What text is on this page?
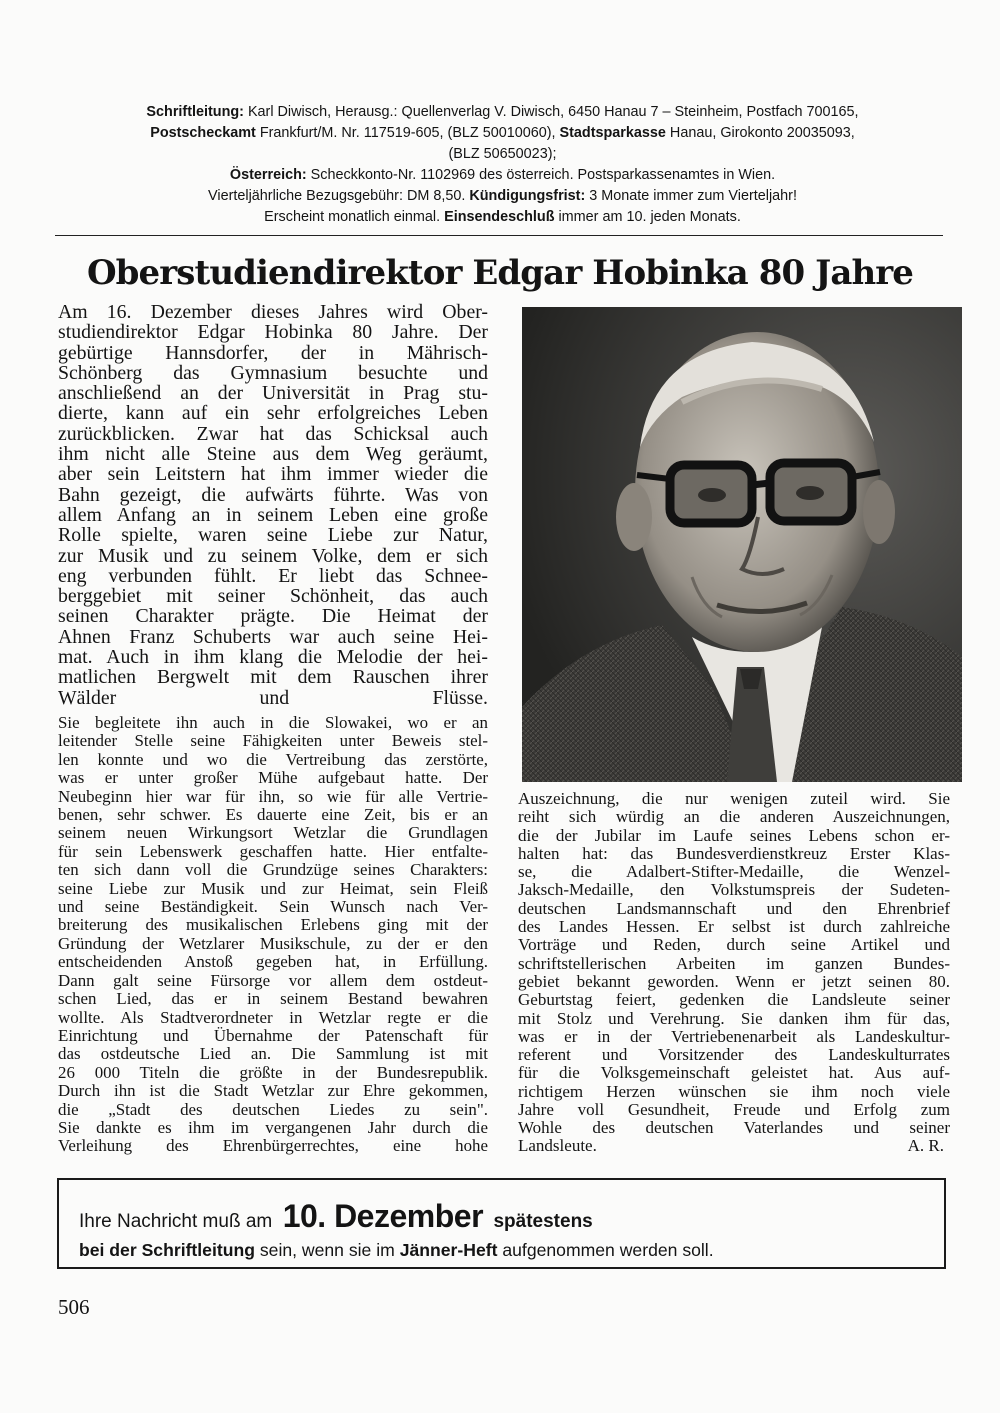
Schriftleitung: Karl Diwisch, Herausg.: Quellenverlag V. Diwisch, 6450 Hanau 7 – Steinheim, Postfach 700165,
Postscheckamt Frankfurt/M. Nr. 117519-605, (BLZ 50010060), Stadtsparkasse Hanau, Girokonto 20035093,
(BLZ 50650023);
Österreich: Scheckkonto-Nr. 1102969 des österreich. Postsparkassenamtes in Wien.
Vierteljährliche Bezugsgebühr: DM 8,50. Kündigungsfrist: 3 Monate immer zum Vierteljahr!
Erscheint monatlich einmal. Einsendeschluß immer am 10. jeden Monats.
Oberstudiendirektor Edgar Hobinka 80 Jahre
Am 16. Dezember dieses Jahres wird Ober-
studiendirektor Edgar Hobinka 80 Jahre. Der
gebürtige Hannsdorfer, der in Mährisch-
Schönberg das Gymnasium besuchte und
anschließend an der Universität in Prag stu-
dierte, kann auf ein sehr erfolgreiches Leben
zurückblicken. Zwar hat das Schicksal auch
ihm nicht alle Steine aus dem Weg geräumt,
aber sein Leitstern hat ihm immer wieder die
Bahn gezeigt, die aufwärts führte. Was von
allem Anfang an in seinem Leben eine große
Rolle spielte, waren seine Liebe zur Natur,
zur Musik und zu seinem Volke, dem er sich
eng verbunden fühlt. Er liebt das Schnee-
berggebiet mit seiner Schönheit, das auch
seinen Charakter prägte. Die Heimat der
Ahnen Franz Schuberts war auch seine Hei-
mat. Auch in ihm klang die Melodie der hei-
matlichen Bergwelt mit dem Rauschen ihrer
Wälder und Flüsse.
Sie begleitete ihn auch in die Slowakei, wo er an
leitender Stelle seine Fähigkeiten unter Beweis stel-
len konnte und wo die Vertreibung das zerstörte,
was er unter großer Mühe aufgebaut hatte. Der
Neubeginn hier war für ihn, so wie für alle Vertrie-
benen, sehr schwer. Es dauerte eine Zeit, bis er an
seinem neuen Wirkungsort Wetzlar die Grundlagen
für sein Lebenswerk geschaffen hatte. Hier entfalte-
ten sich dann voll die Grundzüge seines Charakters:
seine Liebe zur Musik und zur Heimat, sein Fleiß
und seine Beständigkeit. Sein Wunsch nach Ver-
breiterung des musikalischen Erlebens ging mit der
Gründung der Wetzlarer Musikschule, zu der er den
entscheidenden Anstoß gegeben hat, in Erfüllung.
Dann galt seine Fürsorge vor allem dem ostdeut-
schen Lied, das er in seinem Bestand bewahren
wollte. Als Stadtverordneter in Wetzlar regte er die
Einrichtung und Übernahme der Patenschaft für
das ostdeutsche Lied an. Die Sammlung ist mit
26 000 Titeln die größte in der Bundesrepublik.
Durch ihn ist die Stadt Wetzlar zur Ehre gekommen,
die „Stadt des deutschen Liedes zu sein".
Sie dankte es ihm im vergangenen Jahr durch die
Verleihung des Ehrenbürgerrechtes, eine hohe
Auszeichnung, die nur wenigen zuteil wird. Sie
reiht sich würdig an die anderen Auszeichnungen,
die der Jubilar im Laufe seines Lebens schon er-
halten hat: das Bundesverdienstkreuz Erster Klas-
se, die Adalbert-Stifter-Medaille, die Wenzel-
Jaksch-Medaille, den Volkstumspreis der Sudeten-
deutschen Landsmannschaft und den Ehrenbrief
des Landes Hessen. Er selbst ist durch zahlreiche
Vorträge und Reden, durch seine Artikel und
schriftstellerischen Arbeiten im ganzen Bundes-
gebiet bekannt geworden. Wenn er jetzt seinen 80.
Geburtstag feiert, gedenken die Landsleute seiner
mit Stolz und Verehrung. Sie danken ihm für das,
was er in der Vertriebenenarbeit als Landeskultur-
referent und Vorsitzender des Landeskulturrates
für die Volksgemeinschaft geleistet hat. Aus auf-
richtigem Herzen wünschen sie ihm noch viele
Jahre voll Gesundheit, Freude und Erfolg zum
Wohle des deutschen Vaterlandes und seiner
Landsleute.	A. R.
Ihre Nachricht muß am 10. Dezember spätestens
bei der Schriftleitung sein, wenn sie im Jänner-Heft aufgenommen werden soll.
506
